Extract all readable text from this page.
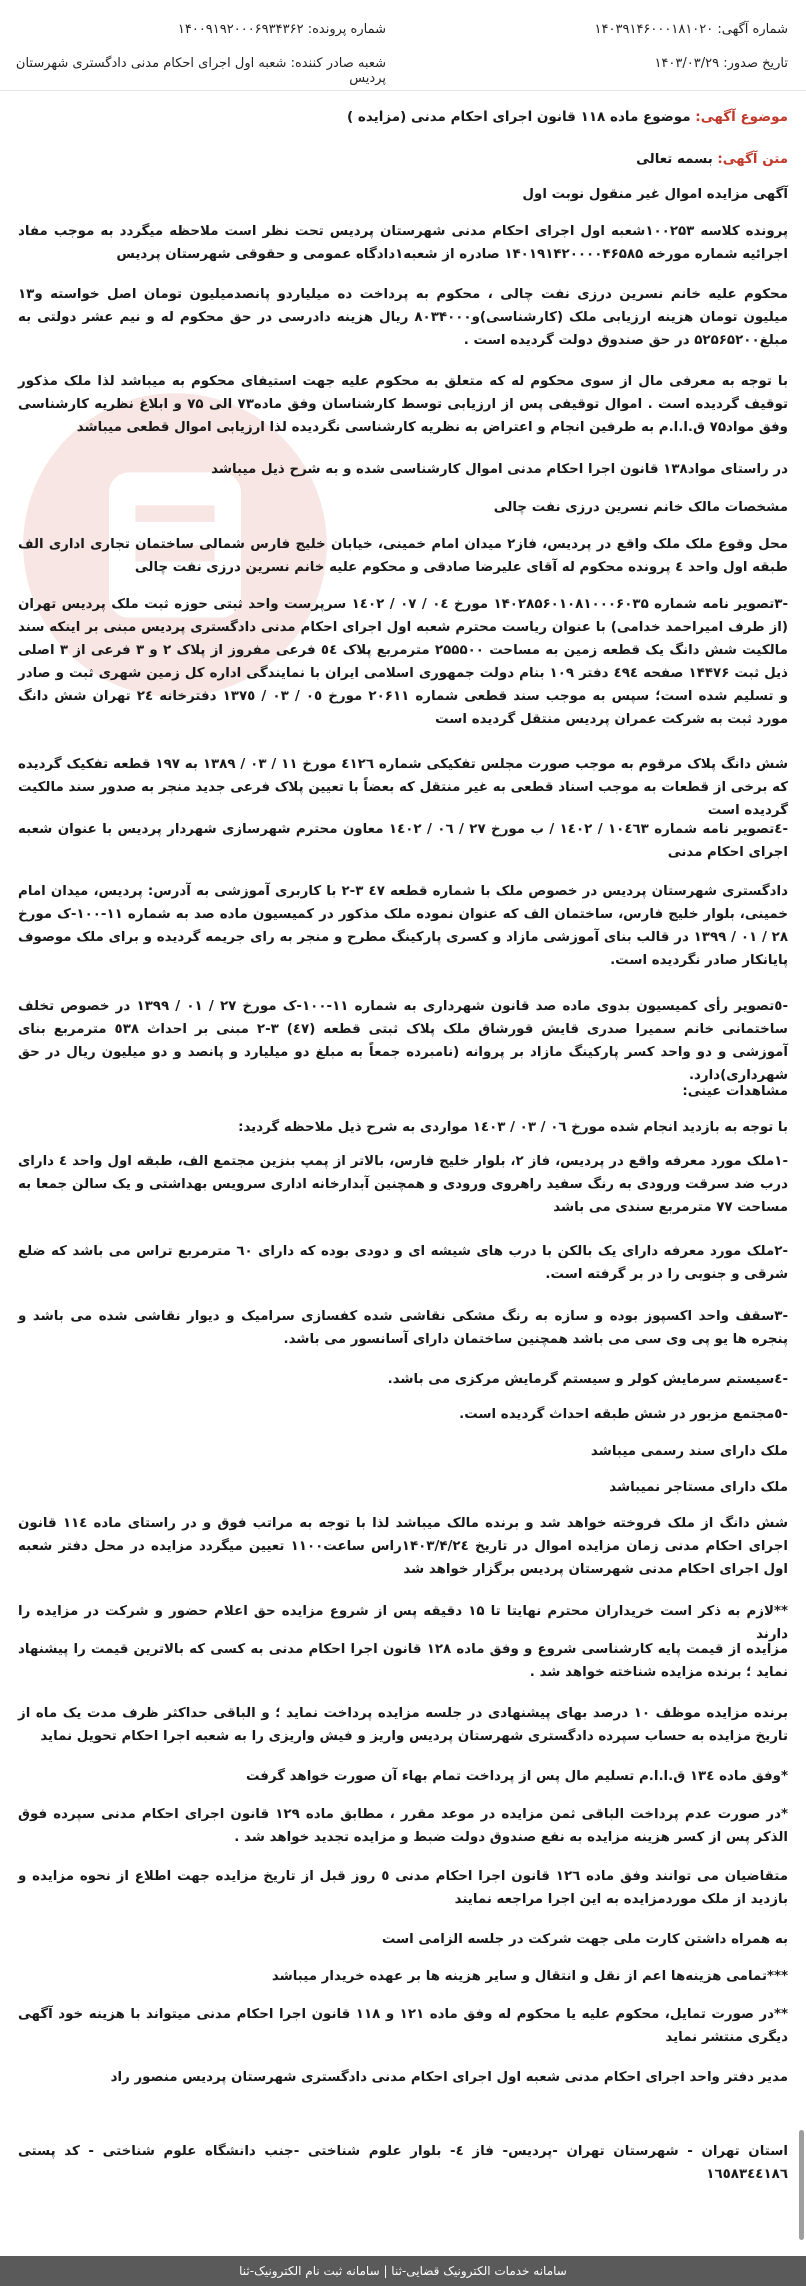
شماره آگهی: ۱۴۰۳۹۱۴۶۰۰۰۱۸۱۰۲۰
شماره پرونده: ۱۴۰۰۹۱۹۲۰۰۰۶۹۳۴۳۶۲
تاریخ صدور: ۱۴۰۳/۰۳/۲۹
شعبه صادر کننده: شعبه اول اجرای احکام مدنی دادگستری شهرستان پردیس
موضوع آگهی: موضوع ماده ۱۱۸ قانون اجرای احکام مدنی (مزایده )
متن آگهی: بسمه تعالی
آگهی مزایده اموال غیر منقول نوبت اول
پرونده کلاسه ۱۰۰۲۵۳شعبه اول اجرای احکام مدنی شهرستان پردیس تحت نظر است ملاحظه میگردد به موجب مفاد اجرائیه شماره مورخه ۱۴۰۱۹۱۴۲۰۰۰۰۴۶۵۸۵ صادره از شعبه۱دادگاه عمومی و حقوقی شهرستان پردیس
محکوم علیه خانم نسرین درزی نفت چالی ، محکوم به پرداخت ده میلیاردو پانصدمیلیون تومان اصل خواسته و۱۳ میلیون تومان هزینه ارزیابی ملک (کارشناسی)و۸۰۳۴۰۰۰ ریال هزینه دادرسی در حق محکوم له و نیم عشر دولتی به مبلغ۵۲۵۶۵۲۰۰ در حق صندوق دولت گردیده است .
با توجه به معرفی مال از سوی محکوم له که متعلق به محکوم علیه جهت استیفای محکوم به میباشد لذا ملک مذکور توقیف گردیده است . اموال توقیفی پس از ارزیابی توسط کارشناسان وفق ماده۷۳ الی ۷۵ و ابلاغ نظریه کارشناسی وفق مواد۷۵ ق.ا.ا.م به طرفین انجام و اعتراض به نظریه کارشناسی نگردیده لذا ارزیابی اموال قطعی میباشد
در راستای مواد۱۳۸ قانون اجرا احکام مدنی اموال کارشناسی شده و به شرح ذیل میباشد
مشخصات مالک خانم نسرین درزی نفت چالی
محل وقوع ملک ملک واقع در پردیس، فاز۲ میدان امام خمینی، خیابان خلیج فارس شمالی ساختمان تجاری اداری الف طبقه اول واحد ٤ پرونده محکوم له آقای علیرضا صادقی و محکوم علیه خانم نسرین درزی نفت چالی
-۳تصویر نامه شماره ۱۴۰۲۸۵۶۰۱۰۸۱۰۰۰۶۰۳۵ مورخ ٠٤ / ٠٧ / ١٤٠٢ سرپرست واحد ثبتی حوزه ثبت ملک پردیس تهران (از طرف امیراحمد خدامی) با عنوان ریاست محترم شعبه اول اجرای احکام مدنی دادگستری پردیس مبنی بر اینکه سند مالکیت شش دانگ یک قطعه زمین به مساحت ۲۵۵۵۰۰ مترمربع پلاک ٥٤ فرعی مفروز از پلاک ۲ و ۳ فرعی از ۳ اصلی ذیل ثبت ۱۴۴۷۶ صفحه ٤٩٤ دفتر ۱۰۹ بنام دولت جمهوری اسلامی ایران با نمایندگی اداره کل زمین شهری ثبت و صادر و تسلیم شده است؛ سپس به موجب سند قطعی شماره ۲۰۶۱۱ مورخ ٠٥ / ٠٣ / ۱۳۷٥ دفترخانه ۲٤ تهران شش دانگ مورد ثبت به شرکت عمران پردیس منتقل گردیده است
شش دانگ پلاک مرقوم به موجب صورت مجلس تفکیکی شماره ٤۱۲٦ مورخ ۱۱ / ٠٣ / ۱۳۸۹ به ۱۹۷ قطعه تفکیک گردیده که برخی از قطعات به موجب اسناد قطعی به غیر منتقل که بعضاً با تعیین پلاک فرعی جدید منجر به صدور سند مالکیت گردیده است
-٤تصویر نامه شماره ۱۰٤٦۳ / ۱٤٠۲ / ب مورخ ۲۷ / ٠٦ / ۱٤٠۲ معاون محترم شهرسازی شهردار پردیس با عنوان شعبه اجرای احکام مدنی
دادگستری شهرستان پردیس در خصوص ملک با شماره قطعه ٤٧ ۳-۲ با کاربری آموزشی به آدرس: پردیس، میدان امام خمینی، بلوار خلیج فارس، ساختمان الف که عنوان نموده ملک مذکور در کمیسیون ماده صد به شماره ۱۱-۱۰۰-ک مورخ ۲۸ / ٠۱ / ۱۳۹۹ در قالب بنای آموزشی مازاد و کسری پارکینگ مطرح و منجر به رای جریمه گردیده و برای ملک موصوف پایانکار صادر نگردیده است.
-٥تصویر رأی کمیسیون بدوی ماده صد قانون شهرداری به شماره ۱۱-۱۰۰-ک مورخ ۲۷ / ٠۱ / ۱۳۹۹ در خصوص تخلف ساختمانی خانم سمیرا صدری قایش قورشاق ملک پلاک ثبتی قطعه (٤٧) ۳-۲ مبنی بر احداث ٥٣٨ مترمربع بنای آموزشی و دو واحد کسر پارکینگ مازاد بر پروانه (نامبرده جمعاً به مبلغ دو میلیارد و پانصد و دو میلیون ریال در حق شهرداری)دارد.
مشاهدات عینی:
با توجه به بازدید انجام شده مورخ ٠٦ / ٠۳ / ۱٤٠۳ مواردی به شرح ذیل ملاحظه گردید:
-۱ملک مورد معرفه واقع در پردیس، فاز ۲، بلوار خلیج فارس، بالاتر از پمپ بنزین مجتمع الف، طبقه اول واحد ٤ دارای درب ضد سرقت ورودی به رنگ سفید راهروی ورودی و همچنین آبدارخانه اداری سرویس بهداشتی و یک سالن جمعا به مساحت ۷۷ مترمربع سندی می باشد
-۲ملک مورد معرفه دارای یک بالکن با درب های شیشه ای و دودی بوده که دارای ٦٠ مترمربع تراس می باشد که ضلع شرقی و جنوبی را در بر گرفته است.
-۳سقف واحد اکسپوز بوده و سازه به رنگ مشکی نقاشی شده کفسازی سرامیک و دیوار نقاشی شده می باشد و پنجره ها یو پی وی سی می باشد همچنین ساختمان دارای آسانسور می باشد.
-٤سیستم سرمایش کولر و سیستم گرمایش مرکزی می باشد.
-٥مجتمع مزبور در شش طبقه احداث گردیده است.
ملک دارای سند رسمی میباشد
ملک دارای مستاجر نمیباشد
شش دانگ از ملک فروخته خواهد شد و برنده مالک میباشد لذا با توجه به مراتب فوق و در راستای ماده ۱۱٤ قانون اجرای احکام مدنی زمان مزایده اموال در تاریخ ۱۴۰۳/۴/۲٤راس ساعت۱۱۰۰ تعیین میگردد مزایده در محل دفتر شعبه اول اجرای احکام مدنی شهرستان پردیس برگزار خواهد شد
**لازم به ذکر است خریداران محترم نهایتا تا ۱۵ دقیقه پس از شروع مزایده حق اعلام حضور و شرکت در مزایده را دارند
مزایده از قیمت پایه کارشناسی شروع و وفق ماده ۱۲۸ قانون اجرا احکام مدنی به کسی که بالاترین قیمت را پیشنهاد نماید ؛ برنده مزایده شناخته خواهد شد .
برنده مزایده موظف ۱۰ درصد بهای پیشنهادی در جلسه مزایده پرداخت نماید ؛ و الباقی حداکثر ظرف مدت یک ماه از تاریخ مزایده به حساب سپرده دادگستری شهرستان پردیس واریز و فیش واریزی را به شعبه اجرا احکام تحویل نماید
*وفق ماده ۱۳٤ ق.ا.ا.م تسلیم مال پس از پرداخت تمام بهاء آن صورت خواهد گرفت
*در صورت عدم پرداخت الباقی ثمن مزایده در موعد مقرر ، مطابق ماده ۱۲۹ قانون اجرای احکام مدنی سپرده فوق الذکر پس از کسر هزینه مزایده به نفع صندوق دولت ضبط و مزایده تجدید خواهد شد .
متقاضیان می توانند وفق ماده ۱۲٦ قانون اجرا احکام مدنی ٥ روز قبل از تاریخ مزایده جهت اطلاع از نحوه مزایده و بازدید از ملک موردمزایده به این اجرا مراجعه نمایند
به همراه داشتن کارت ملی جهت شرکت در جلسه الزامی است
***تمامی هزینه‌ها اعم از نقل و انتقال و سایر هزینه ها بر عهده خریدار میباشد
**در صورت تمایل، محکوم علیه یا محکوم له وفق ماده ۱۲۱ و ۱۱۸ قانون اجرا احکام مدنی میتواند با هزینه خود آگهی دیگری منتشر نماید
مدیر دفتر واحد اجرای احکام مدنی شعبه اول اجرای احکام مدنی دادگستری شهرستان پردیس منصور راد
استان تهران - شهرستان تهران -پردیس- فاز ٤- بلوار علوم شناختی -جنب دانشگاه علوم شناختی - کد پستی ۱٦٥٨۳٤٤۱٨٦
سامانه خدمات الکترونیک قضایی-ثنا | سامانه ثبت نام الکترونیک-ثنا
